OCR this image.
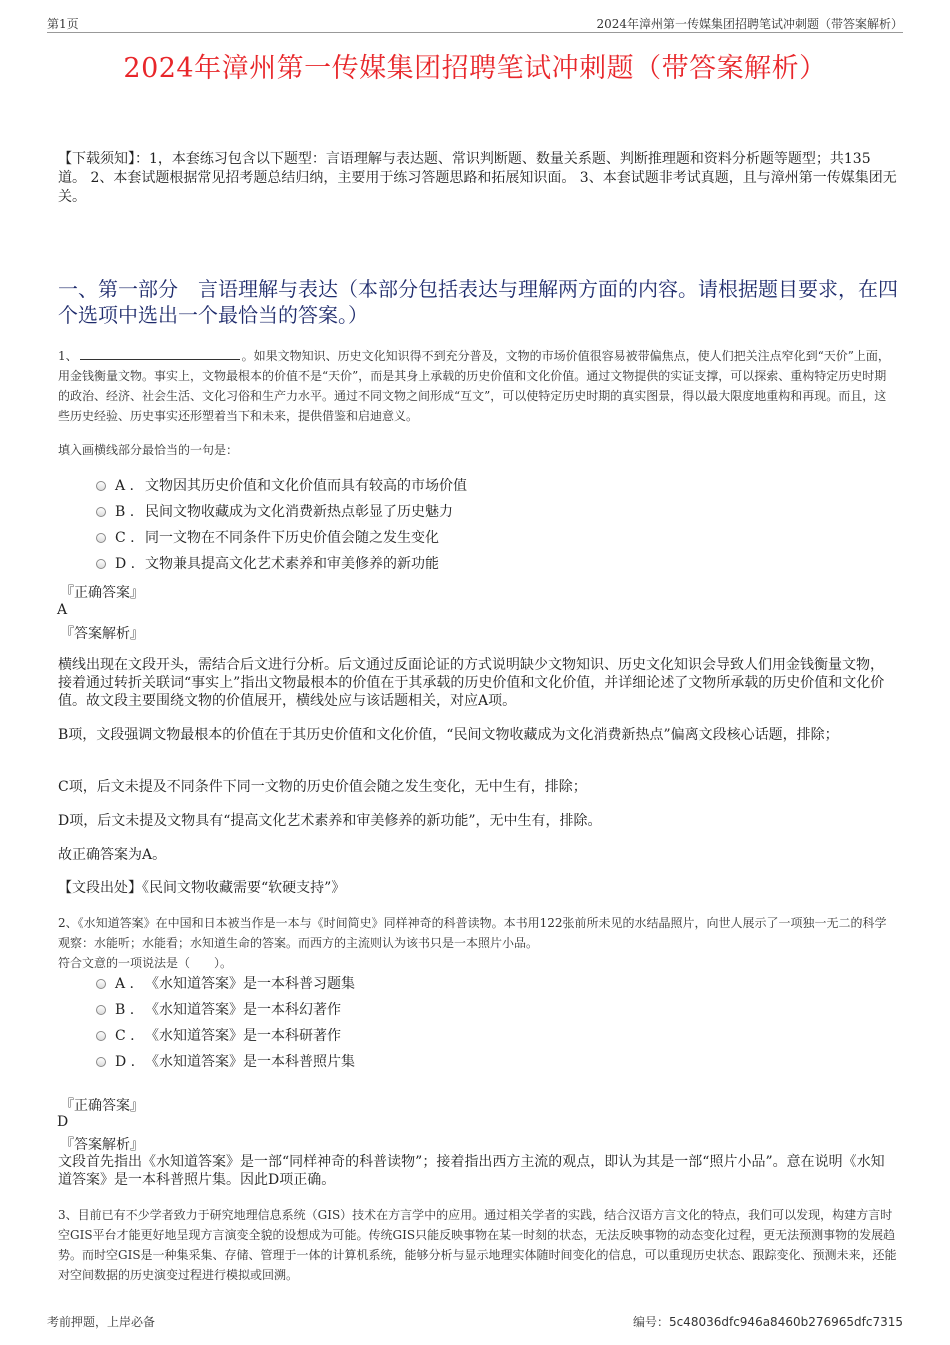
第1页	2024年漳州第一传媒集团招聘笔试冲刺题（带答案解析）
2024年漳州第一传媒集团招聘笔试冲刺题（带答案解析）
【下载须知】：1，本套练习包含以下题型：言语理解与表达题、常识判断题、数量关系题、判断推理题和资料分析题等题型；共135道。 2、本套试题根据常见招考题总结归纳，主要用于练习答题思路和拓展知识面。 3、本套试题非考试真题，且与漳州第一传媒集团无关。
一、第一部分　言语理解与表达（本部分包括表达与理解两方面的内容。请根据题目要求，在四个选项中选出一个最恰当的答案。）
1、	。如果文物知识、历史文化知识得不到充分普及，文物的市场价值很容易被带偏焦点，使人们把关注点窄化到“天价”上面，用金钱衡量文物。事实上，文物最根本的价值不是“天价”，而是其身上承载的历史价值和文化价值。通过文物提供的实证支撑，可以探索、重构特定历史时期的政治、经济、社会生活、文化习俗和生产力水平。通过不同文物之间形成“互文”，可以使特定历史时期的真实图景，得以最大限度地重构和再现。而且，这些历史经验、历史事实还形塑着当下和未来，提供借鉴和启迪意义。
填入画横线部分最恰当的一句是：
A . 文物因其历史价值和文化价值而具有较高的市场价值
B . 民间文物收藏成为文化消费新热点彰显了历史魅力
C . 同一文物在不同条件下历史价值会随之发生变化
D . 文物兼具提高文化艺术素养和审美修养的新功能
『正确答案』
A
『答案解析』
横线出现在文段开头，需结合后文进行分析。后文通过反面论证的方式说明缺少文物知识、历史文化知识会导致人们用金钱衡量文物，接着通过转折关联词“事实上”指出文物最根本的价值在于其承载的历史价值和文化价值，并详细论述了文物所承载的历史价值和文化价值。故文段主要围绕文物的价值展开，横线处应与该话题相关，对应A项。
B项，文段强调文物最根本的价值在于其历史价值和文化价值，“民间文物收藏成为文化消费新热点”偏离文段核心话题，排除；
C项，后文未提及不同条件下同一文物的历史价值会随之发生变化，无中生有，排除；
D项，后文未提及文物具有“提高文化艺术素养和审美修养的新功能”，无中生有，排除。
故正确答案为A。
【文段出处】《民间文物收藏需要“软硬支持”》
2、《水知道答案》在中国和日本被当作是一本与《时间简史》同样神奇的科普读物。本书用122张前所未见的水结晶照片，向世人展示了一项独一无二的科学观察：水能听；水能看；水知道生命的答案。而西方的主流则认为该书只是一本照片小品。
符合文意的一项说法是（　　）。
A . 《水知道答案》是一本科普习题集
B . 《水知道答案》是一本科幻著作
C . 《水知道答案》是一本科研著作
D . 《水知道答案》是一本科普照片集
『正确答案』
D
『答案解析』
文段首先指出《水知道答案》是一部“同样神奇的科普读物”；接着指出西方主流的观点，即认为其是一部“照片小品”。意在说明《水知道答案》是一本科普照片集。因此D项正确。
3、目前已有不少学者致力于研究地理信息系统（GIS）技术在方言学中的应用。通过相关学者的实践，结合汉语方言文化的特点，我们可以发现，构建方言时空GIS平台才能更好地呈现方言演变全貌的设想成为可能。传统GIS只能反映事物在某一时刻的状态，无法反映事物的动态变化过程，更无法预测事物的发展趋势。而时空GIS是一种集采集、存储、管理于一体的计算机系统，能够分析与显示地理实体随时间变化的信息，可以重现历史状态、跟踪变化、预测未来，还能对空间数据的历史演变过程进行模拟或回溯。
考前押题，上岸必备	编号：5c48036dfc946a8460b276965dfc7315
